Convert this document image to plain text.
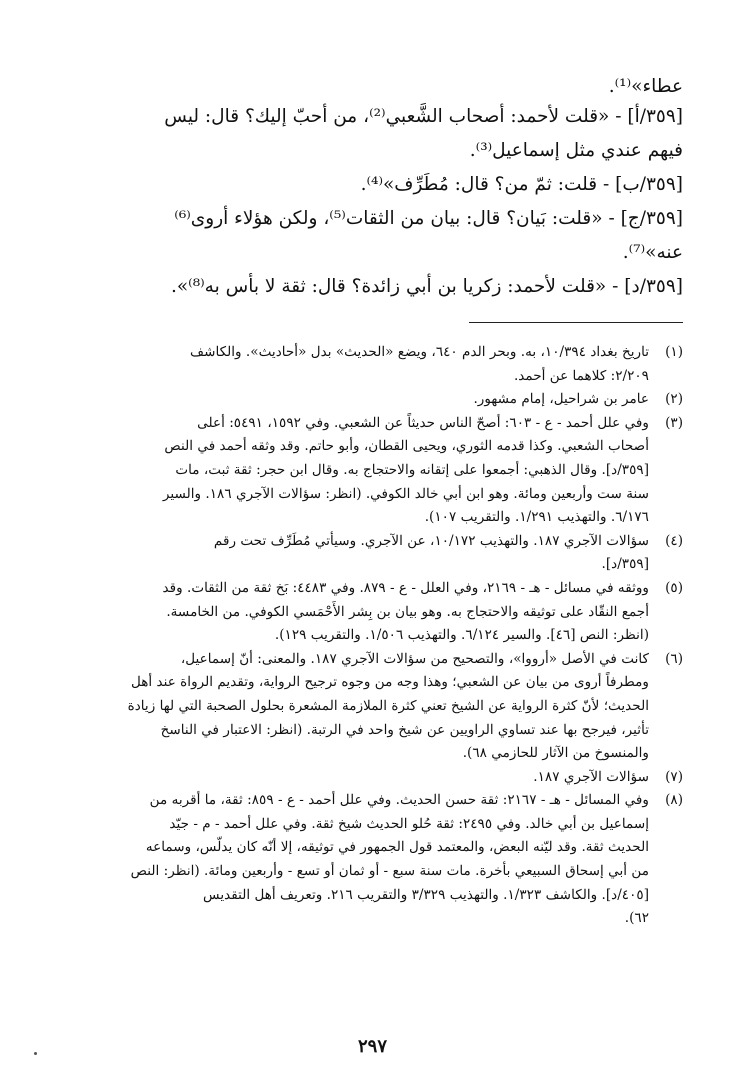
عطاء»⁽¹⁾.

[٣٥٩/أ] - «قلت لأحمد: أصحاب الشَّعبي⁽²⁾، من أحبّ إليك؟ قال: ليس

فيهم عندي مثل إسماعيل⁽³⁾.

[٣٥٩/ب] - قلت: ثمّ من؟ قال: مُطَرِّف»⁽⁴⁾.

[٣٥٩/ج] - «قلت: بَيان؟ قال: بيان من الثقات⁽⁵⁾، ولكن هؤلاء أروى⁽⁶⁾

عنه»⁽⁷⁾.

[٣٥٩/د] - «قلت لأحمد: زكريا بن أبي زائدة؟ قال: ثقة لا بأس به⁽⁸⁾».

(١)
تاريخ بغداد ١٠/٣٩٤، به. وبحر الدم ٦٤٠، ويضع «الحديث» بدل «أحاديث». والكاشف
٢/٢٠٩: كلاهما عن أحمد.
(٢)
عامر بن شراحيل، إمام مشهور.
(٣)
وفي علل أحمد - ع - ٦٠٣: أصحّ الناس حديثاً عن الشعبي. وفي ١٥٩٢، ٥٤٩١: أعلى
أصحاب الشعبي. وكذا قدمه الثوري، ويحيى القطان، وأبو حاتم. وقد وثقه أحمد في النص
[٣٥٩/د]. وقال الذهبي: أجمعوا على إتقانه والاحتجاج به. وقال ابن حجر: ثقة ثبت، مات
سنة ست وأربعين ومائة. وهو ابن أبي خالد الكوفي. (انظر: سؤالات الآجري ١٨٦. والسير
٦/١٧٦. والتهذيب ١/٢٩١. والتقريب ١٠٧).
(٤)
سؤالات الآجري ١٨٧. والتهذيب ١٠/١٧٢، عن الآجري. وسيأتي مُطَرِّف تحت رقم
[٣٥٩/د].
(٥)
ووثقه في مسائل - هـ - ٢١٦٩، وفي العلل - ع - ٨٧٩. وفي ٤٤٨٣: بَخ ثقة من الثقات. وقد
أجمع النقّاد على توثيقه والاحتجاج به. وهو بيان بن بِشر الأَحْمَسي الكوفي. من الخامسة.
(انظر: النص [٤٦]. والسير ٦/١٢٤. والتهذيب ١/٥٠٦. والتقريب ١٢٩).
(٦)
كانت في الأصل «أرووا»، والتصحيح من سؤالات الآجري ١٨٧. والمعنى: أنّ إسماعيل،
ومطرفاً أروى من بيان عن الشعبي؛ وهذا وجه من وجوه ترجيح الرواية، وتقديم الرواة عند أهل
الحديث؛ لأنّ كثرة الرواية عن الشيخ تعني كثرة الملازمة المشعرة بحلول الصحبة التي لها زيادة
تأثير، فيرجح بها عند تساوي الراويين عن شيخ واحد في الرتبة. (انظر: الاعتبار في الناسخ
والمنسوخ من الآثار للحازمي ٦٨).
(٧)
سؤالات الآجري ١٨٧.
(٨)
وفي المسائل - هـ - ٢١٦٧: ثقة حسن الحديث. وفي علل أحمد - ع - ٨٥٩: ثقة، ما أقربه من
إسماعيل بن أبي خالد. وفي ٢٤٩٥: ثقة حُلو الحديث شيخ ثقة. وفي علل أحمد - م - جيّد
الحديث ثقة. وقد ليّنه البعض، والمعتمد قول الجمهور في توثيقه، إلا أنّه كان يدلّس، وسماعه
من أبي إسحاق السبيعي بأخرة. مات سنة سبع - أو ثمان أو تسع - وأربعين ومائة. (انظر: النص
[٤٠٥/د]. والكاشف ١/٣٢٣. والتهذيب ٣/٣٢٩ والتقريب ٢١٦. وتعريف أهل التقديس
٦٢).
٢٩٧
